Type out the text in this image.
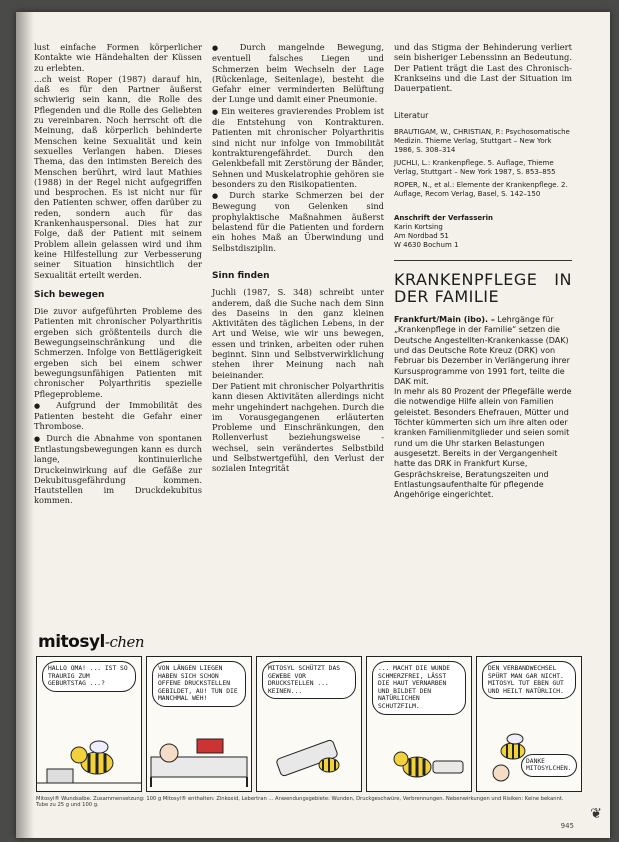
lust einfache Formen körperlicher Kontakte wie Händehalten der Küssen zu erlebten.

...ch weist Roper (1987) darauf hin, daß es für den Partner äußerst schwierig sein kann, die Rolle des Pflegenden und die Rolle des Geliebten zu vereinbaren. Noch herrscht oft die Meinung, daß körperlich behinderte Menschen keine Sexualität und kein sexuelles Verlangen haben. Dieses Thema, das den intimsten Bereich des Menschen berührt, wird laut Mathies (1988) in der Regel nicht aufgegriffen und besprochen. Es ist nicht nur für den Patienten schwer, offen darüber zu reden, sondern auch für das Krankenhauspersonal. Dies hat zur Folge, daß der Patient mit seinem Problem allein gelassen wird und ihm keine Hilfestellung zur Verbesserung seiner Situation hinsichtlich der Sexualität erteilt werden.

Sich bewegen

Die zuvor aufgeführten Probleme des Patienten mit chronischer Polyarthritis ergeben sich größtenteils durch die Bewegungseinschränkung und die Schmerzen. Infolge von Bettlägerigkeit ergeben sich bei einem schwer bewegungsunfähigen Patienten mit chronischer Polyarthritis spezielle Pflegeprobleme.

● Aufgrund der Immobilität des Patienten besteht die Gefahr einer Thrombose.

● Durch die Abnahme von spontanen Entlastungsbewegungen kann es durch lange, kontinuierliche Druckeinwirkung auf die Gefäße zur Dekubitusgefährdung kommen. Hautstellen im Druckdekubitus kommen.

● Durch mangelnde Bewegung, eventuell falsches Liegen und Schmerzen beim Wechseln der Lage (Rückenlage, Seitenlage), besteht die Gefahr einer verminderten Belüftung der Lunge und damit einer Pneumonie.

● Ein weiteres gravierendes Problem ist die Entstehung von Kontrakturen. Patienten mit chronischer Polyarthritis sind nicht nur infolge von Immobilität kontrakturengefährdet. Durch den Gelenkbefall mit Zerstörung der Bänder, Sehnen und Muskelatrophie gehören sie besonders zu den Risikopatienten.

● Durch starke Schmerzen bei der Bewegung von Gelenken sind prophylaktische Maßnahmen äußerst belastend für die Patienten und fordern ein hohes Maß an Überwindung und Selbstdisziplin.

Sinn finden

Juchli (1987, S. 348) schreibt unter anderem, daß die Suche nach dem Sinn des Daseins in den ganz kleinen Aktivitäten des täglichen Lebens, in der Art und Weise, wie wir uns bewegen, essen und trinken, arbeiten oder ruhen beginnt. Sinn und Selbstverwirklichung stehen ihrer Meinung nach nah beieinander.

Der Patient mit chronischer Polyarthritis kann diesen Aktivitäten allerdings nicht mehr ungehindert nachgehen. Durch die im Vorausgegangenen erläuterten Probleme und Einschränkungen, den Rollenverlust beziehungsweise -wechsel, sein verändertes Selbstbild und Selbstwertgefühl, den Verlust der sozialen Integrität

und das Stigma der Behinderung verliert sein bisheriger Lebenssinn an Bedeutung. Der Patient trägt die Last des Chronisch-Krankseins und die Last der Situation im Dauerpatient.

Literatur

BRAUTIGAM, W., CHRISTIAN, P.: Psychosomatische Medizin. Thieme Verlag, Stuttgart – New York 1986, S. 308–314

JUCHLI, L.: Krankenpflege. 5. Auflage, Thieme Verlag, Stuttgart – New York 1987, S. 853–855

ROPER, N., et al.: Elemente der Krankenpflege. 2. Auflage, Recom Verlag, Basel, S. 142–150

Anschrift der Verfasserin

Karin Kortsing

Am Nordbad 51

W 4630 Bochum 1

KRANKENPFLEGE IN DER FAMILIE
Frankfurt/Main (ibo). – Lehrgänge für „Krankenpflege in der Familie“ setzen die Deutsche Angestellten-Krankenkasse (DAK) und das Deutsche Rote Kreuz (DRK) von Februar bis Dezember in Verlängerung ihrer Kursusprogramme von 1991 fort, teilte die DAK mit.

In mehr als 80 Prozent der Pflegefälle werde die notwendige Hilfe allein von Familien geleistet. Besonders Ehefrauen, Mütter und Töchter kümmerten sich um ihre alten oder kranken Familienmitglieder und seien somit rund um die Uhr starken Belastungen ausgesetzt. Bereits in der Vergangenheit hatte das DRK in Frankfurt Kurse, Gesprächskreise, Beratungszeiten und Entlastungsaufenthalte für pflegende Angehörige eingerichtet.

mitosyl-chen
HALLO OMA! ... IST SO TRAURIG ZUM GEBURTSTAG ...?
VON LÄNGEN LIEGEN HABEN SICH SCHON OFFENE DRUCKSTELLEN GEBILDET, AU! TUN DIE MANCHMAL WEH!
MITOSYL SCHÜTZT DAS GEWEBE VOR DRUCKSTELLEN ... KEINEN...
... MACHT DIE WUNDE SCHMERZFREI, LÄSST DIE HAUT VERNARBEN UND BILDET DEN NATÜRLICHEN SCHUTZFILM.
DEN VERBANDWECHSEL SPÜRT MAN GAR NICHT. MITOSYL TUT EBEN GUT UND HEILT NATÜRLICH.
DANKE MITOSYLCHEN.
Mitosyl® Wundsalbe. Zusammensetzung: 100 g Mitosyl® enthalten: Zinkoxid, Lebertran ... Anwendungsgebiete: Wunden, Druckgeschwüre, Verbrennungen. Nebenwirkungen und Risiken: Keine bekannt. Tube zu 25 g und 100 g.
❦
945
